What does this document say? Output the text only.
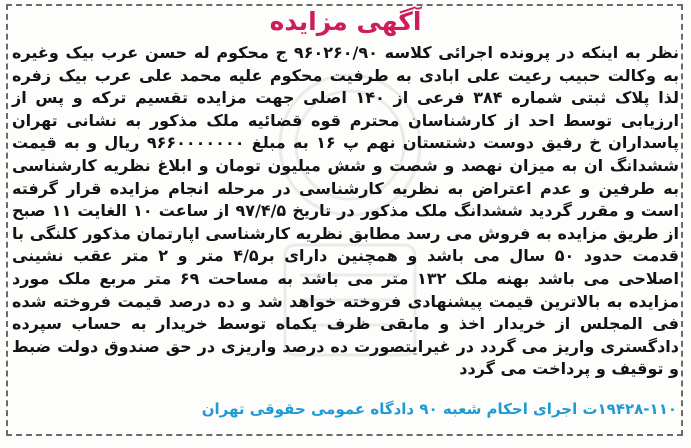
آگهی مزایده
نظر به اینکه در پرونده اجرائی کلاسه ۹۶۰۲۶۰/۹۰ ج محکوم له حسن عرب بیک وغیره به وکالت حبیب رعیت علی ابادی به طرفیت محکوم علیه محمد علی عرب بیک زفره لذا پلاک ثبتی شماره ۳۸۴ فرعی از ۱۴۰ اصلی جهت مزایده تقسیم ترکه و پس از ارزیابی توسط احد از کارشناسان محترم قوه قضائیه ملک مذکور به نشانی تهران پاسداران خ رفیق دوست دشتستان نهم پ ۱۶ به مبلغ ۹۶۶۰۰۰۰۰۰۰ ریال و به قیمت ششدانگ ان به میزان نهصد و شصت و شش میلیون تومان و ابلاغ نظریه کارشناسی به طرفین و عدم اعتراض به نظریه کارشناسی در مرحله انجام مزایده قرار گرفته است و مقرر گردید ششدانگ ملک مذکور در تاریخ ۹۷/۴/۵ از ساعت ۱۰ الغایت ۱۱ صبح از طریق مزایده به فروش می رسد مطابق نظریه کارشناسی اپارتمان مذکور کلنگی با قدمت حدود ۵۰ سال می باشد و همچنین دارای بر۴/۵ متر و ۲ متر عقب نشینی اصلاحی می باشد بهنه ملک ۱۳۲ متر می باشد به مساحت ۶۹ متر مربع ملک مورد مزایده به بالاترین قیمت پیشنهادی فروخته خواهد شد و ده درصد قیمت فروخته شده فی المجلس از خریدار اخذ و مابقی ظرف یکماه توسط خریدار به حساب سپرده دادگستری واریز می گردد در غیرایتصورت ده درصد واریزی در حق صندوق دولت ضبط و توقیف و پرداخت می گردد
۱۹۴۲۸-۱۱۰ت اجرای احکام شعبه ۹۰ دادگاه عمومی حقوقی تهران
